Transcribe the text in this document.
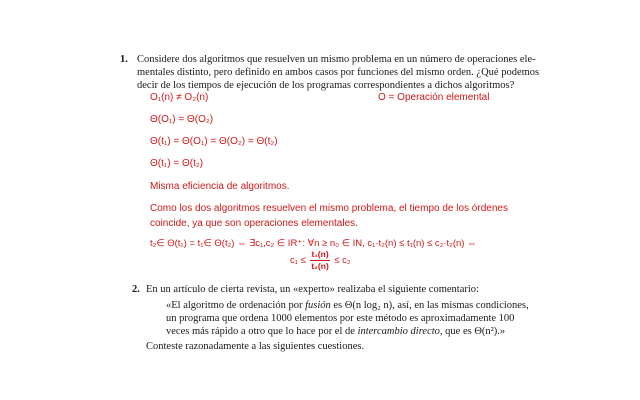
1. Considere dos algoritmos que resuelven un mismo problema en un número de operaciones ele-
mentales distinto, pero definido en ambos casos por funciones del mismo orden. ¿Qué podemos
decir de los tiempos de ejecución de los programas correspondientes a dichos algoritmos?
O₁(n) ≠ O₂(n)	O = Operación elemental
Θ(O₁) = Θ(O₂)
Θ(t₁) = Θ(O₁) = Θ(O₂) = Θ(t₂)
Θ(t₁) = Θ(t₂)
Misma eficiencia de algoritmos.
Como los dos algoritmos resuelven el mismo problema, el tiempo de los órdenes
coincide, ya que son operaciones elementales.
t₂∈ Θ(t₁) = t₁∈ Θ(t₂) ⇔ ∃c₁,c₂ ∈ IR⁺: ∀n ≥ n₀ ∈ IN, c₁·t₂(n) ≤ t₁(n) ≤ c₂·t₂(n) ⇔
$c_1 \le \frac{\text{t₁(n)}}{\text{t₂(n)}} \le c_2$
2. En un artículo de cierta revista, un «experto» realizaba el siguiente comentario:
«El algoritmo de ordenación por fusión es Θ(n log₂ n), así, en las mismas condiciones,
un programa que ordena 1000 elementos por este método es aproximadamente 100
veces más rápido a otro que lo hace por el de intercambio directo, que es Θ(n²).»
Conteste razonadamente a las siguientes cuestiones.
